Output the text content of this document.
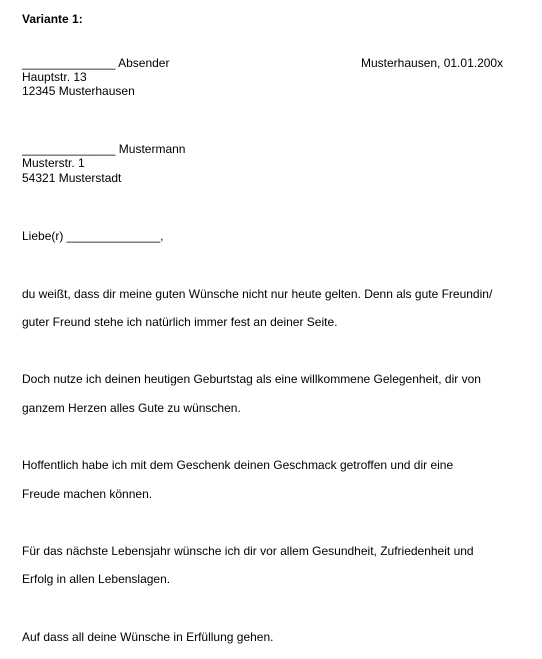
Variante 1:
______________ Absender	Musterhausen, 01.01.200x
Hauptstr. 13
12345 Musterhausen
______________ Mustermann
Musterstr. 1
54321 Musterstadt
Liebe(r) ______________,
du weißt, dass dir meine guten Wünsche nicht nur heute gelten. Denn als gute Freundin/
guter Freund stehe ich natürlich immer fest an deiner Seite.
Doch nutze ich deinen heutigen Geburtstag als eine willkommene Gelegenheit, dir von
ganzem Herzen alles Gute zu wünschen.
Hoffentlich habe ich mit dem Geschenk deinen Geschmack getroffen und dir eine
Freude machen können.
Für das nächste Lebensjahr wünsche ich dir vor allem Gesundheit, Zufriedenheit und
Erfolg in allen Lebenslagen.
Auf dass all deine Wünsche in Erfüllung gehen.
